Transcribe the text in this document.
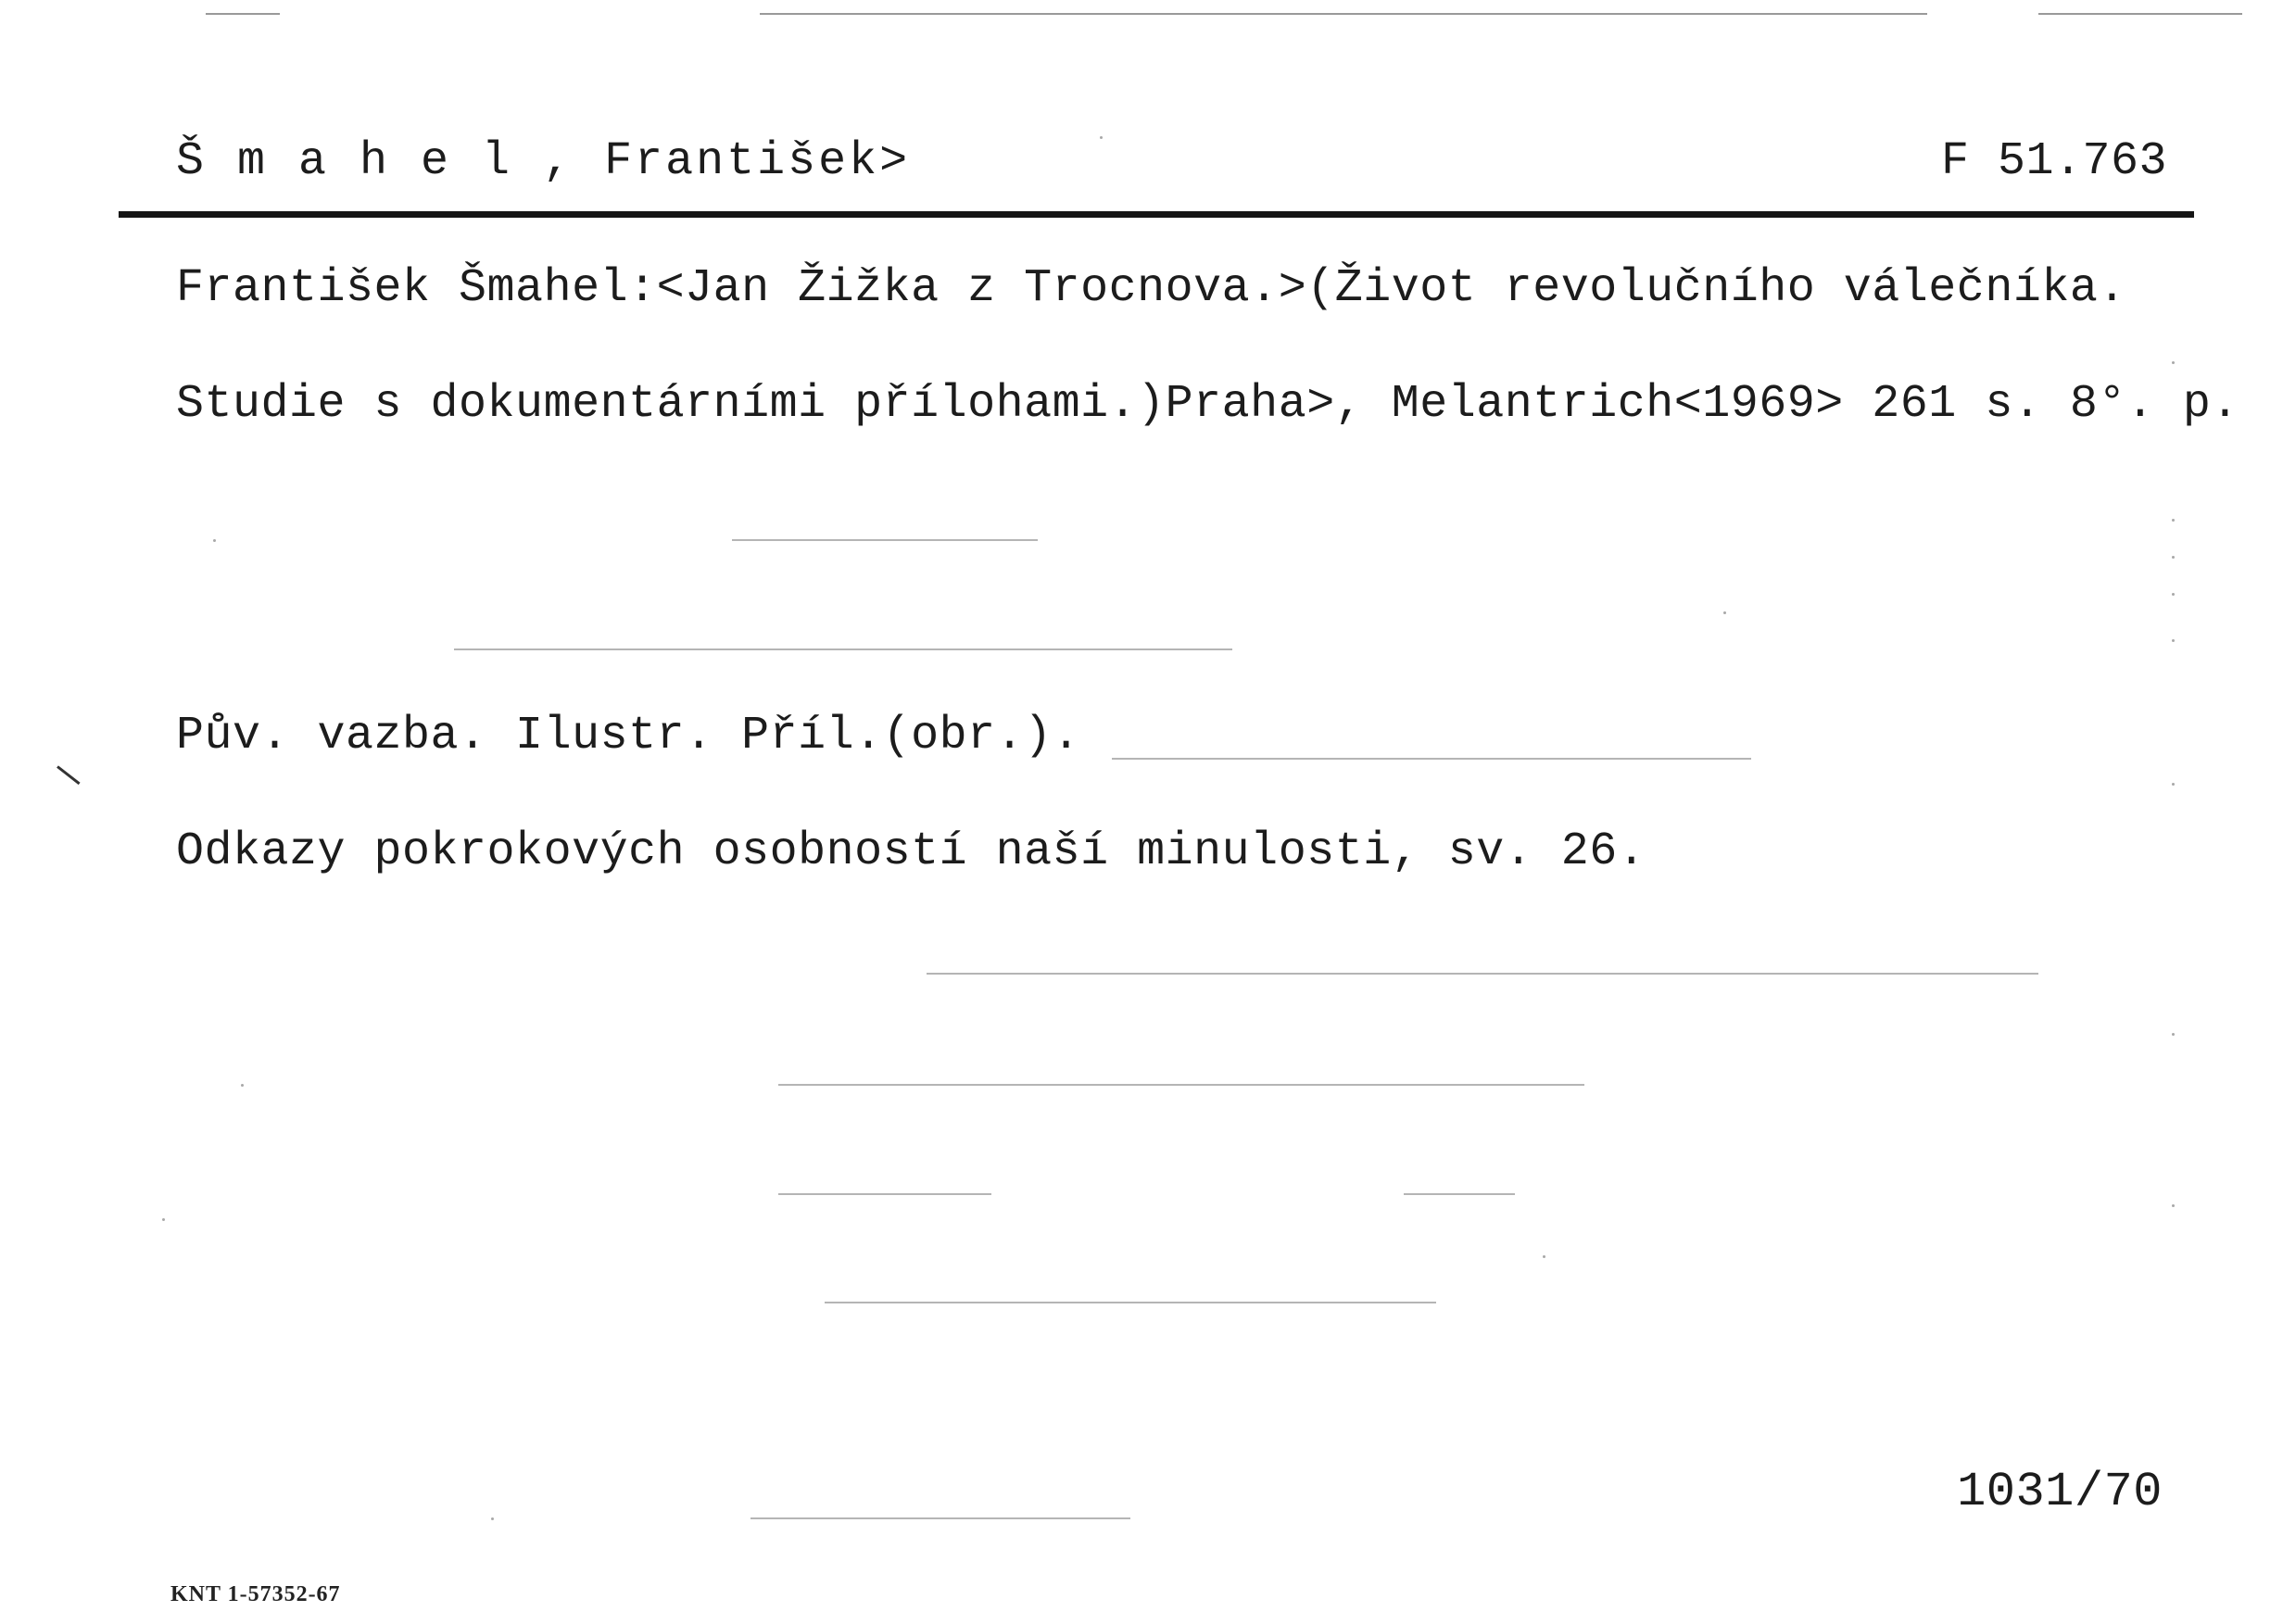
Š m a h e l , František>	F 51.763
František Šmahel:<Jan Žižka z Trocnova.>(Život revolučního válečníka.
Studie s dokumentárními přílohami.)Praha>, Melantrich<1969> 261 s. 8°. p.
Pův. vazba. Ilustr. Příl.(obr.).
Odkazy pokrokových osobností naší minulosti, sv. 26.
1031/70
KNT 1-57352-67
